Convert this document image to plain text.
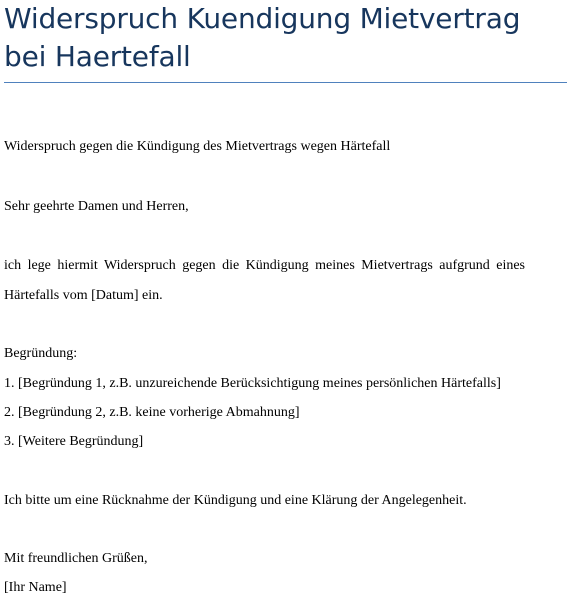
Widerspruch Kuendigung Mietvertrag
bei Haertefall

Widerspruch gegen die Kündigung des Mietvertrags wegen Härtefall

Sehr geehrte Damen und Herren,

ich lege hiermit Widerspruch gegen die Kündigung meines Mietvertrags aufgrund eines

Härtefalls vom [Datum] ein.

Begründung:

1. [Begründung 1, z.B. unzureichende Berücksichtigung meines persönlichen Härtefalls]

2. [Begründung 2, z.B. keine vorherige Abmahnung]

3. [Weitere Begründung]

Ich bitte um eine Rücknahme der Kündigung und eine Klärung der Angelegenheit.

Mit freundlichen Grüßen,

[Ihr Name]
